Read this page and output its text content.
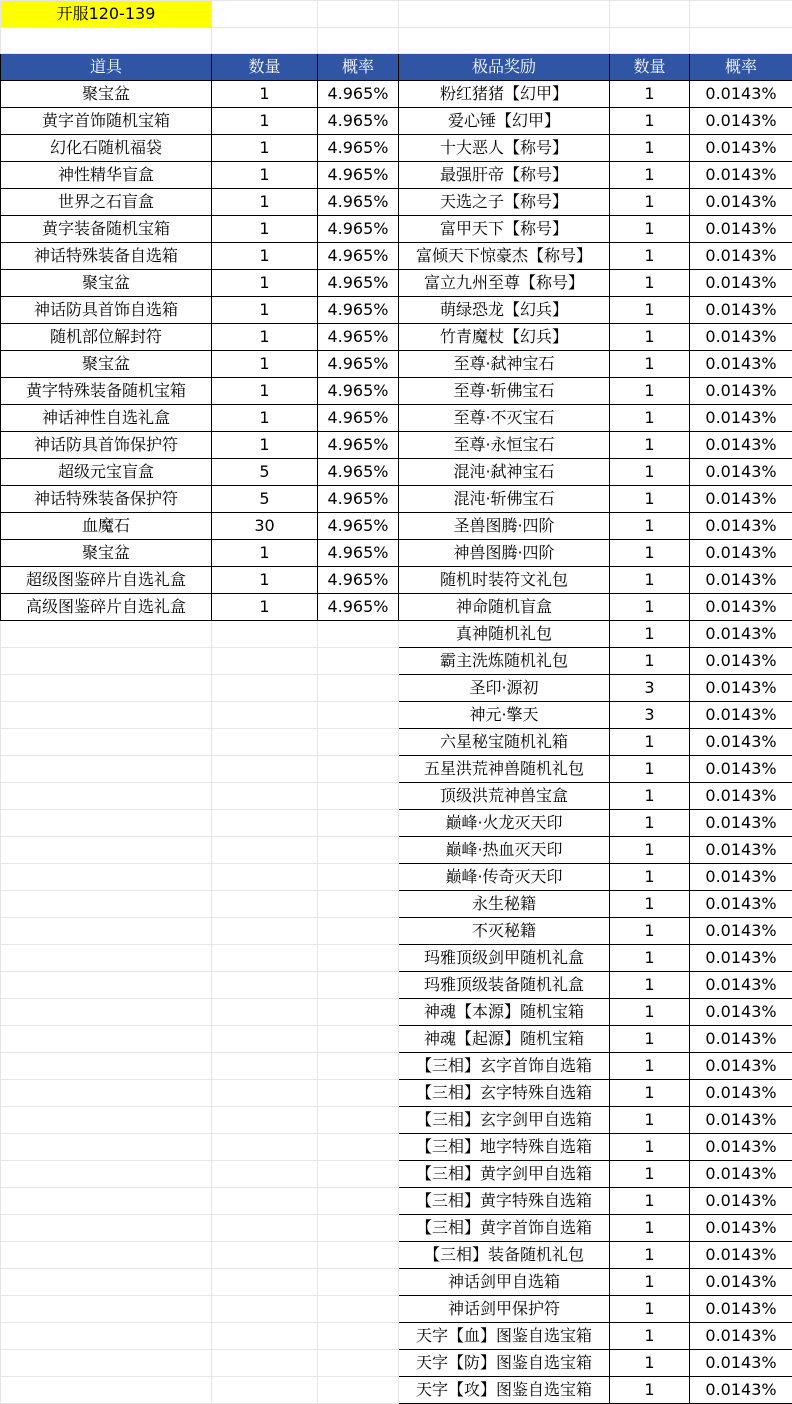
开服120-139					

道具	数量	概率	极品奖励	数量	概率
聚宝盆	1	4.965%	粉红猪猪【幻甲】	1	0.0143%
黄字首饰随机宝箱	1	4.965%	爱心锤【幻甲】	1	0.0143%
幻化石随机福袋	1	4.965%	十大恶人【称号】	1	0.0143%
神性精华盲盒	1	4.965%	最强肝帝【称号】	1	0.0143%
世界之石盲盒	1	4.965%	天选之子【称号】	1	0.0143%
黄字装备随机宝箱	1	4.965%	富甲天下【称号】	1	0.0143%
神话特殊装备自选箱	1	4.965%	富倾天下惊豪杰【称号】	1	0.0143%
聚宝盆	1	4.965%	富立九州至尊【称号】	1	0.0143%
神话防具首饰自选箱	1	4.965%	萌绿恐龙【幻兵】	1	0.0143%
随机部位解封符	1	4.965%	竹青魔杖【幻兵】	1	0.0143%
聚宝盆	1	4.965%	至尊·弑神宝石	1	0.0143%
黄字特殊装备随机宝箱	1	4.965%	至尊·斩佛宝石	1	0.0143%
神话神性自选礼盒	1	4.965%	至尊·不灭宝石	1	0.0143%
神话防具首饰保护符	1	4.965%	至尊·永恒宝石	1	0.0143%
超级元宝盲盒	5	4.965%	混沌·弑神宝石	1	0.0143%
神话特殊装备保护符	5	4.965%	混沌·斩佛宝石	1	0.0143%
血魔石	30	4.965%	圣兽图腾·四阶	1	0.0143%
聚宝盆	1	4.965%	神兽图腾·四阶	1	0.0143%
超级图鉴碎片自选礼盒	1	4.965%	随机时装符文礼包	1	0.0143%
高级图鉴碎片自选礼盒	1	4.965%	神命随机盲盒	1	0.0143%
			真神随机礼包	1	0.0143%
			霸主洗炼随机礼包	1	0.0143%
			圣印·源初	3	0.0143%
			神元·擎天	3	0.0143%
			六星秘宝随机礼箱	1	0.0143%
			五星洪荒神兽随机礼包	1	0.0143%
			顶级洪荒神兽宝盒	1	0.0143%
			巅峰·火龙灭天印	1	0.0143%
			巅峰·热血灭天印	1	0.0143%
			巅峰·传奇灭天印	1	0.0143%
			永生秘籍	1	0.0143%
			不灭秘籍	1	0.0143%
			玛雅顶级剑甲随机礼盒	1	0.0143%
			玛雅顶级装备随机礼盒	1	0.0143%
			神魂【本源】随机宝箱	1	0.0143%
			神魂【起源】随机宝箱	1	0.0143%
			【三相】玄字首饰自选箱	1	0.0143%
			【三相】玄字特殊自选箱	1	0.0143%
			【三相】玄字剑甲自选箱	1	0.0143%
			【三相】地字特殊自选箱	1	0.0143%
			【三相】黄字剑甲自选箱	1	0.0143%
			【三相】黄字特殊自选箱	1	0.0143%
			【三相】黄字首饰自选箱	1	0.0143%
			【三相】装备随机礼包	1	0.0143%
			神话剑甲自选箱	1	0.0143%
			神话剑甲保护符	1	0.0143%
			天字【血】图鉴自选宝箱	1	0.0143%
			天字【防】图鉴自选宝箱	1	0.0143%
			天字【攻】图鉴自选宝箱	1	0.0143%
